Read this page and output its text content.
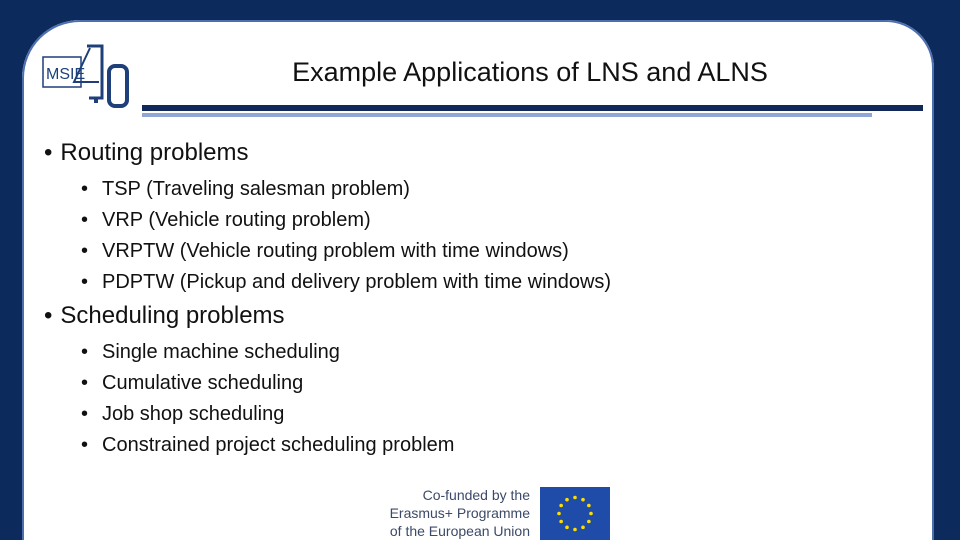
MSIE	Example Applications of LNS and ALNS
• Routing problems
• TSP (Traveling salesman problem)
• VRP (Vehicle routing problem)
• VRPTW (Vehicle routing problem with time windows)
• PDPTW (Pickup and delivery problem with time windows)
• Scheduling problems
• Single machine scheduling
• Cumulative scheduling
• Job shop scheduling
• Constrained project scheduling problem
Co-funded by the
Erasmus+ Programme
of the European Union
